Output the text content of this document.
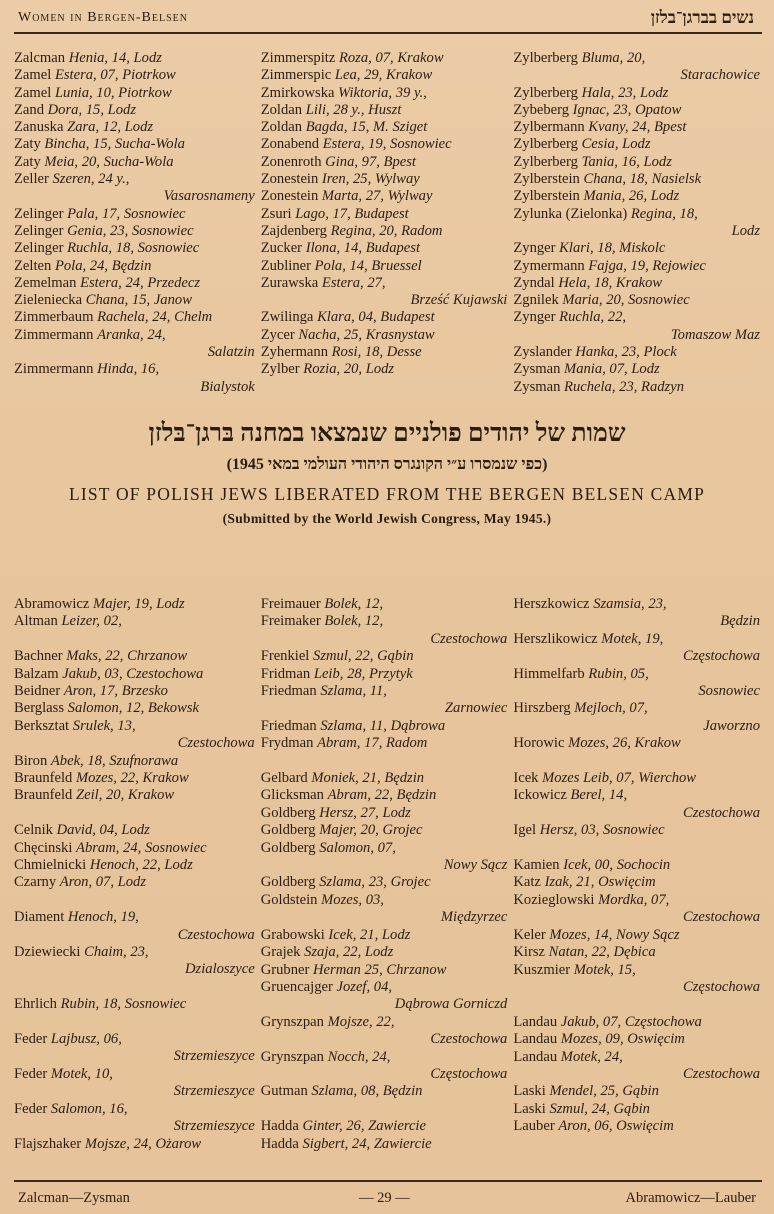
Women in Bergen-Belsen	נשים בברגן־בלזן
Zalcman Henia, 14, Lodz
Zamel Estera, 07, Piotrkow
Zamel Lunia, 10, Piotrkow
Zand Dora, 15, Lodz
Zanuska Zara, 12, Lodz
Zaty Bincha, 15, Sucha-Wola
Zaty Meia, 20, Sucha-Wola
Zeller Szeren, 24 y.,
Vasarosnameny
Zelinger Pala, 17, Sosnowiec
Zelinger Genia, 23, Sosnowiec
Zelinger Ruchla, 18, Sosnowiec
Zelten Pola, 24, Będzin
Zemelman Estera, 24, Przedecz
Zieleniecka Chana, 15, Janow
Zimmerbaum Rachela, 24, Chelm
Zimmermann Aranka, 24,
Salatzin
Zimmermann Hinda, 16,
Bialystok
Zimmerspitz Roza, 07, Krakow
Zimmerspic Lea, 29, Krakow
Zmirkowska Wiktoria, 39 y.,
Zoldan Lili, 28 y., Huszt
Zoldan Bagda, 15, M. Sziget
Zonabend Estera, 19, Sosnowiec
Zonenroth Gina, 97, Bpest
Zonestein Iren, 25, Wylway
Zonestein Marta, 27, Wylway
Zsuri Lago, 17, Budapest
Zajdenberg Regina, 20, Radom
Zucker Ilona, 14, Budapest
Zubliner Pola, 14, Bruessel
Zurawska Estera, 27,
Brześć Kujawski
Zwilinga Klara, 04, Budapest
Zycer Nacha, 25, Krasnystaw
Zyhermann Rosi, 18, Desse
Zylber Rozia, 20, Lodz
Zylberberg Bluma, 20,
Starachowice
Zylberberg Hala, 23, Lodz
Zybeberg Ignac, 23, Opatow
Zylbermann Kvany, 24, Bpest
Zylberberg Cesia, Lodz
Zylberberg Tania, 16, Lodz
Zylberstein Chana, 18, Nasielsk
Zylberstein Mania, 26, Lodz
Zylunka (Zielonka) Regina, 18,
Lodz
Zynger Klari, 18, Miskolc
Zymermann Fajga, 19, Rejowiec
Zyndal Hela, 18, Krakow
Zgnilek Maria, 20, Sosnowiec
Zynger Ruchla, 22,
Tomaszow Maz
Zyslander Hanka, 23, Plock
Zysman Mania, 07, Lodz
Zysman Ruchela, 23, Radzyn
שמות של יהודים פולניים שנמצאו במחנה בּרגן־בּלזן
(כפי שנמסרו ע״י הקונגרס היהודי העולמי במאי 1945)
LIST OF POLISH JEWS LIBERATED FROM THE BERGEN BELSEN CAMP
(Submitted by the World Jewish Congress, May 1945.)
Abramowicz Majer, 19, Lodz
Altman Leizer, 02,
Bachner Maks, 22, Chrzanow
Balzam Jakub, 03, Czestochowa
Beidner Aron, 17, Brzesko
Berglass Salomon, 12, Bekowsk
Berksztat Srulek, 13,
Czestochowa
Biron Abek, 18, Szufnorawa
Braunfeld Mozes, 22, Krakow
Braunfeld Zeil, 20, Krakow
Celnik David, 04, Lodz
Chęcinski Abram, 24, Sosnowiec
Chmielnicki Henoch, 22, Lodz
Czarny Aron, 07, Lodz
Diament Henoch, 19,
Czestochowa
Dziewiecki Chaim, 23,
Dzialoszyce
Ehrlich Rubin, 18, Sosnowiec
Feder Lajbusz, 06,
Strzemieszyce
Feder Motek, 10,
Strzemieszyce
Feder Salomon, 16,
Strzemieszyce
Flajszhaker Mojsze, 24, Ożarow
Freimauer Bolek, 12,
Freimaker Bolek, 12,
Czestochowa
Frenkiel Szmul, 22, Gąbin
Fridman Leib, 28, Przytyk
Friedman Szlama, 11,
Zarnowiec
Friedman Szlama, 11, Dąbrowa
Frydman Abram, 17, Radom
Gelbard Moniek, 21, Będzin
Glicksman Abram, 22, Będzin
Goldberg Hersz, 27, Lodz
Goldberg Majer, 20, Grojec
Goldberg Salomon, 07,
Nowy Sącz
Goldberg Szlama, 23, Grojec
Goldstein Mozes, 03,
Międzyrzec
Grabowski Icek, 21, Lodz
Grajek Szaja, 22, Lodz
Grubner Herman 25, Chrzanow
Gruencajger Jozef, 04,
Dąbrowa Gorniczd
Grynszpan Mojsze, 22,
Czestochowa
Grynszpan Nocch, 24,
Częstochowa
Gutman Szlama, 08, Będzin
Hadda Ginter, 26, Zawiercie
Hadda Sigbert, 24, Zawiercie
Herszkowicz Szamsia, 23,
Będzin
Herszlikowicz Motek, 19,
Częstochowa
Himmelfarb Rubin, 05,
Sosnowiec
Hirszberg Mejloch, 07,
Jaworzno
Horowic Mozes, 26, Krakow
Icek Mozes Leib, 07, Wierchow
Ickowicz Berel, 14,
Czestochowa
Igel Hersz, 03, Sosnowiec
Kamien Icek, 00, Sochocin
Katz Izak, 21, Oswięcim
Kozieglowski Mordka, 07,
Czestochowa
Keler Mozes, 14, Nowy Sącz
Kirsz Natan, 22, Dębica
Kuszmier Motek, 15,
Częstochowa
Landau Jakub, 07, Częstochowa
Landau Mozes, 09, Oswięcim
Landau Motek, 24,
Czestochowa
Laski Mendel, 25, Gąbin
Laski Szmul, 24, Gąbin
Lauber Aron, 06, Oswięcim
Zalcman—Zysman	— 29 —	Abramowicz—Lauber
